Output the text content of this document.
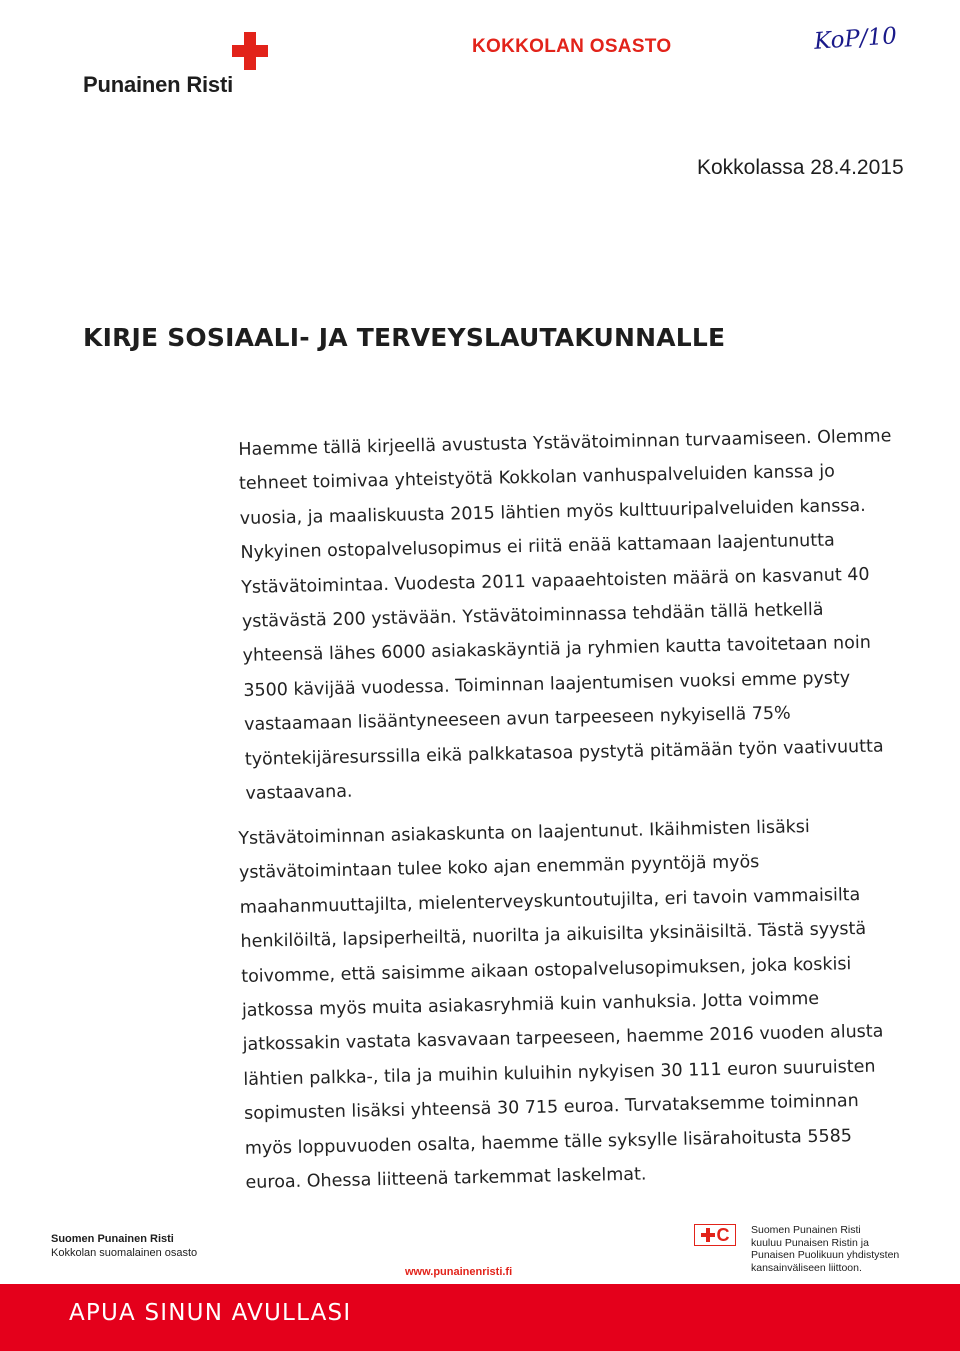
Punainen Risti
KOKKOLAN OSASTO	KoP/10
Kokkolassa 28.4.2015
KIRJE SOSIAALI- JA TERVEYSLAUTAKUNNALLE
Haemme tällä kirjeellä avustusta Ystävätoiminnan turvaamiseen. Olemme
tehneet toimivaa yhteistyötä Kokkolan vanhuspalveluiden kanssa jo
vuosia, ja maaliskuusta 2015 lähtien myös kulttuuripalveluiden kanssa.
Nykyinen ostopalvelusopimus ei riitä enää kattamaan laajentunutta
Ystävätoimintaa. Vuodesta 2011 vapaaehtoisten määrä on kasvanut 40
ystävästä 200 ystävään. Ystävätoiminnassa tehdään tällä hetkellä
yhteensä lähes 6000 asiakaskäyntiä ja ryhmien kautta tavoitetaan noin
3500 kävijää vuodessa. Toiminnan laajentumisen vuoksi emme pysty
vastaamaan lisääntyneeseen avun tarpeeseen nykyisellä 75%
työntekijäresurssilla eikä palkkatasoa pystytä pitämään työn vaativuutta
vastaavana.
Ystävätoiminnan asiakaskunta on laajentunut. Ikäihmisten lisäksi
ystävätoimintaan tulee koko ajan enemmän pyyntöjä myös
maahanmuuttajilta, mielenterveyskuntoutujilta, eri tavoin vammaisilta
henkilöiltä, lapsiperheiltä, nuorilta ja aikuisilta yksinäisiltä. Tästä syystä
toivomme, että saisimme aikaan ostopalvelusopimuksen, joka koskisi
jatkossa myös muita asiakasryhmiä kuin vanhuksia. Jotta voimme
jatkossakin vastata kasvavaan tarpeeseen, haemme 2016 vuoden alusta
lähtien palkka-, tila ja muihin kuluihin nykyisen 30 111 euron suuruisten
sopimusten lisäksi yhteensä 30 715 euroa. Turvataksemme toiminnan
myös loppuvuoden osalta, haemme tälle syksylle lisärahoitusta 5585
euroa. Ohessa liitteenä tarkemmat laskelmat.
Suomen Punainen Risti
Kokkolan suomalainen osasto
www.punainenristi.fi
C Suomen Punainen Risti
kuuluu Punaisen Ristin ja
Punaisen Puolikuun yhdistysten
kansainväliseen liittoon.
APUA SINUN AVULLASI
